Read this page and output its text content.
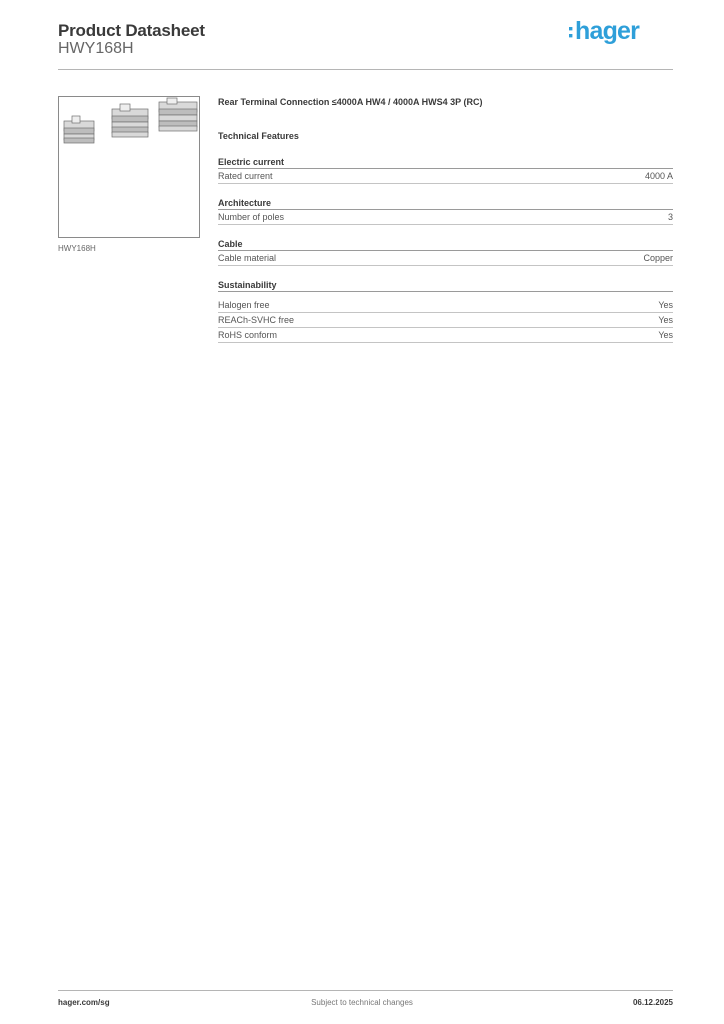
Product Datasheet
HWY168H
hager
HWY168H
Rear Terminal Connection ≤4000A HW4 / 4000A HWS4 3P (RC)
Technical Features
Electric current
Rated current	4000 A
Architecture
Number of poles	3
Cable
Cable material	Copper
Sustainability
Halogen free	Yes
REACh-SVHC free	Yes
RoHS conform	Yes
Subject to technical changes
hager.com/sg	06.12.2025
